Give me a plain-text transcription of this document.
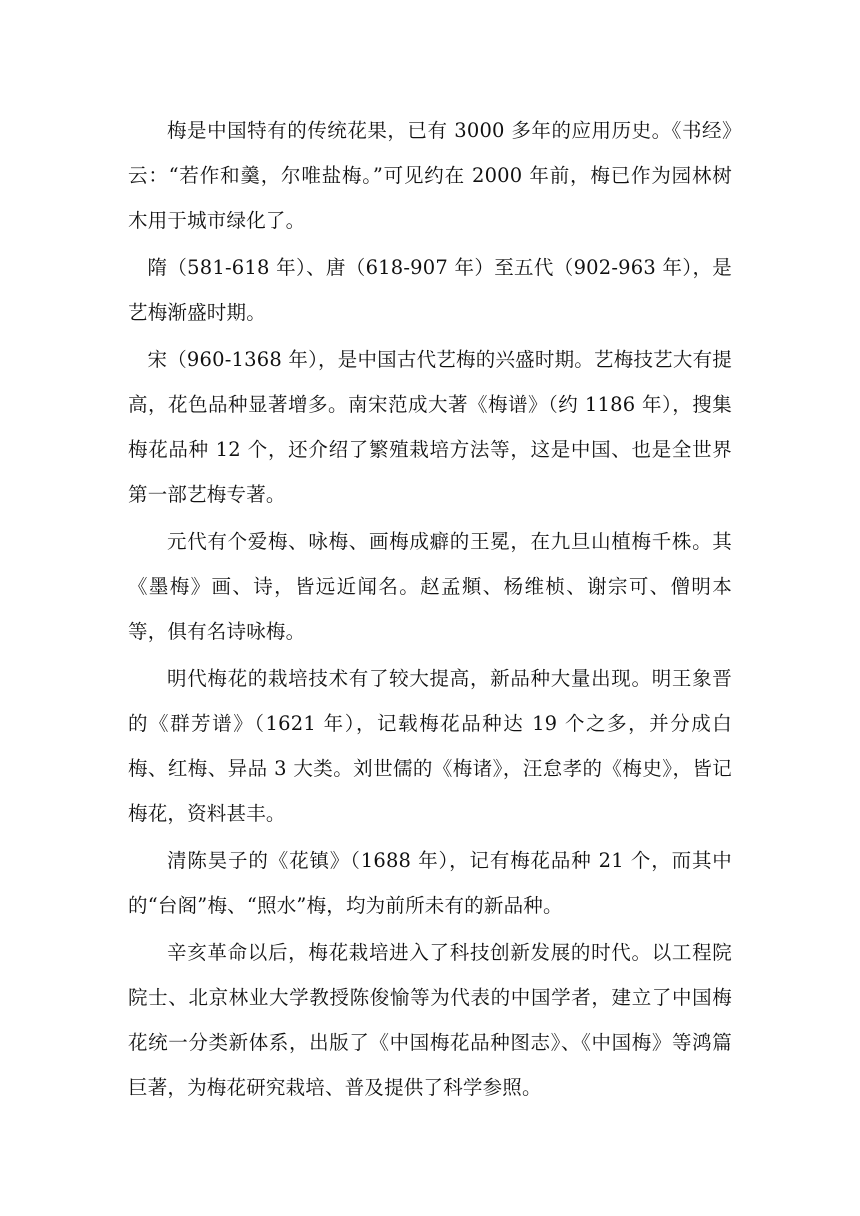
梅是中国特有的传统花果，已有 3000 多年的应用历史。《书经》云：“若作和羹，尔唯盐梅。”可见约在 2000 年前，梅已作为园林树木用于城市绿化了。

隋（581-618 年）、唐（618-907 年）至五代（902-963 年），是艺梅渐盛时期。

宋（960-1368 年），是中国古代艺梅的兴盛时期。艺梅技艺大有提高，花色品种显著增多。南宋范成大著《梅谱》（约 1186 年），搜集梅花品种 12 个，还介绍了繁殖栽培方法等，这是中国、也是全世界第一部艺梅专著。

元代有个爱梅、咏梅、画梅成癖的王冕，在九旦山植梅千株。其《墨梅》画、诗，皆远近闻名。赵孟頫、杨维桢、谢宗可、僧明本等，俱有名诗咏梅。

明代梅花的栽培技术有了较大提高，新品种大量出现。明王象晋的《群芳谱》（1621 年），记载梅花品种达 19 个之多，并分成白梅、红梅、异品 3 大类。刘世儒的《梅诸》，汪怠孝的《梅史》，皆记梅花，资料甚丰。

清陈昊子的《花镇》（1688 年），记有梅花品种 21 个，而其中的“台阁”梅、“照水”梅，均为前所未有的新品种。

辛亥革命以后，梅花栽培进入了科技创新发展的时代。以工程院院士、北京林业大学教授陈俊愉等为代表的中国学者，建立了中国梅花统一分类新体系，出版了《中国梅花品种图志》、《中国梅》等鸿篇巨著，为梅花研究栽培、普及提供了科学参照。
